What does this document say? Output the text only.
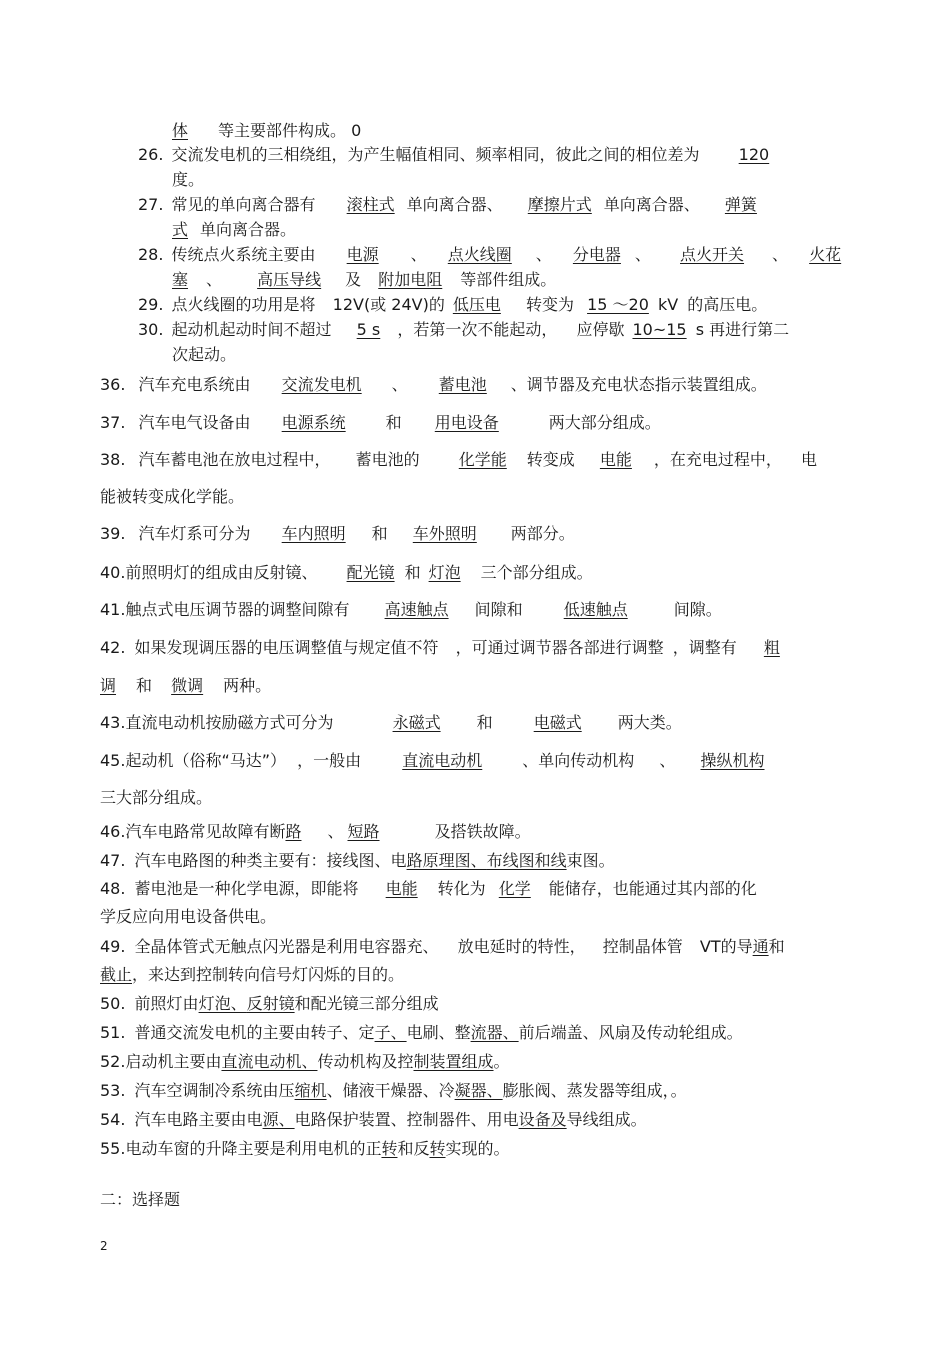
体 等主要部件构成。 0
26. 交流发电机的三相绕组，为产生幅值相同、频率相同，彼此之间的相位差为 120
度。
27. 常见的单向离合器有 滚柱式 单向离合器、 摩擦片式 单向离合器、 弹簧
式 单向离合器。
28. 传统点火系统主要由 电源 、 点火线圈 、 分电器 、 点火开关 、 火花
塞 、 高压导线 及 附加电阻 等部件组成。
29. 点火线圈的功用是将 12V(或 24V)的 低压电 转变为 15 ～20 kV 的高压电。
30. 起动机起动时间不超过 5 s ，若第一次不能起动， 应停歇 10~15 s 再进行第二
次起动。
36. 汽车充电系统由 交流发电机 、 蓄电池 、调节器及充电状态指示装置组成。
37. 汽车电气设备由 电源系统	和 用电设备	两大部分组成。
38. 汽车蓄电池在放电过程中， 蓄电池的 化学能 转变成 电能 ，在充电过程中， 电
能被转变成化学能。
39. 汽车灯系可分为 车内照明 和 车外照明 两部分。
40.前照明灯的组成由反射镜、 配光镜 和 灯泡 三个部分组成。
41.触点式电压调节器的调整间隙有 高速触点 间隙和	低速触点	间隙。
42. 如果发现调压器的电压调整值与规定值不符 ，可通过调节器各部进行调整 ，调整有 粗
调 和 微调 两种。
43.直流电动机按励磁方式可分为	永磁式 和	电磁式 两大类。
45.起动机（俗称“马达”） ，一般由	直流电动机	、单向传动机构 、 操纵机构
三大部分组成。
46.汽车电路常见故障有断路 、 短路	及搭铁故障。
47. 汽车电路图的种类主要有：接线图、电路原理图、布线图和线束图。
48. 蓄电池是一种化学电源，即能将 电能 转化为 化学 能储存，也能通过其内部的化
学反应向用电设备供电。
49. 全晶体管式无触点闪光器是利用电容器充、 放电延时的特性， 控制晶体管 VT的导通和
截止，来达到控制转向信号灯闪烁的目的。
50. 前照灯由灯泡、反射镜和配光镜三部分组成
51. 普通交流发电机的主要由转子、定子、电刷、整流器、前后端盖、风扇及传动轮组成。
52.启动机主要由直流电动机、传动机构及控制装置组成。
53. 汽车空调制冷系统由压缩机、储液干燥器、冷凝器、膨胀阀、蒸发器等组成，。
54. 汽车电路主要由电源、电路保护装置、控制器件、用电设备及导线组成。
55.电动车窗的升降主要是利用电机的正转和反转实现的。
二：选择题
2
